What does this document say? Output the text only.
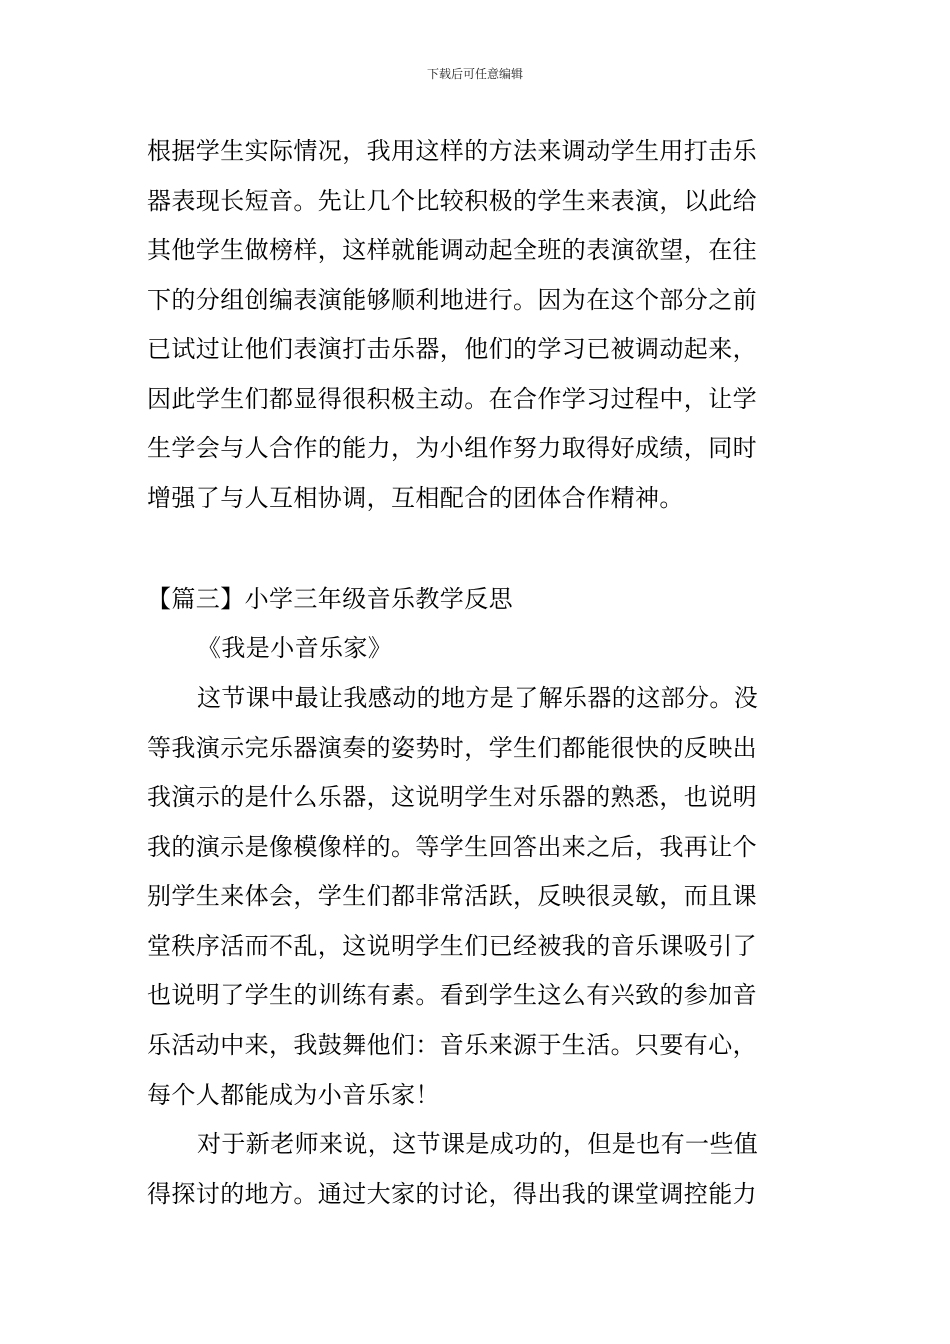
下载后可任意编辑
根据学生实际情况，我用这样的方法来调动学生用打击乐
器表现长短音。先让几个比较积极的学生来表演，以此给
其他学生做榜样，这样就能调动起全班的表演欲望，在往
下的分组创编表演能够顺利地进行。因为在这个部分之前
已试过让他们表演打击乐器，他们的学习已被调动起来，
因此学生们都显得很积极主动。在合作学习过程中，让学
生学会与人合作的能力，为小组作努力取得好成绩，同时
增强了与人互相协调，互相配合的团体合作精神。
【篇三】小学三年级音乐教学反思
《我是小音乐家》
这节课中最让我感动的地方是了解乐器的这部分。没
等我演示完乐器演奏的姿势时，学生们都能很快的反映出
我演示的是什么乐器，这说明学生对乐器的熟悉，也说明
我的演示是像模像样的。等学生回答出来之后，我再让个
别学生来体会，学生们都非常活跃，反映很灵敏，而且课
堂秩序活而不乱，这说明学生们已经被我的音乐课吸引了
也说明了学生的训练有素。看到学生这么有兴致的参加音
乐活动中来，我鼓舞他们：音乐来源于生活。只要有心，
每个人都能成为小音乐家！
对于新老师来说，这节课是成功的，但是也有一些值
得探讨的地方。通过大家的讨论，得出我的课堂调控能力
